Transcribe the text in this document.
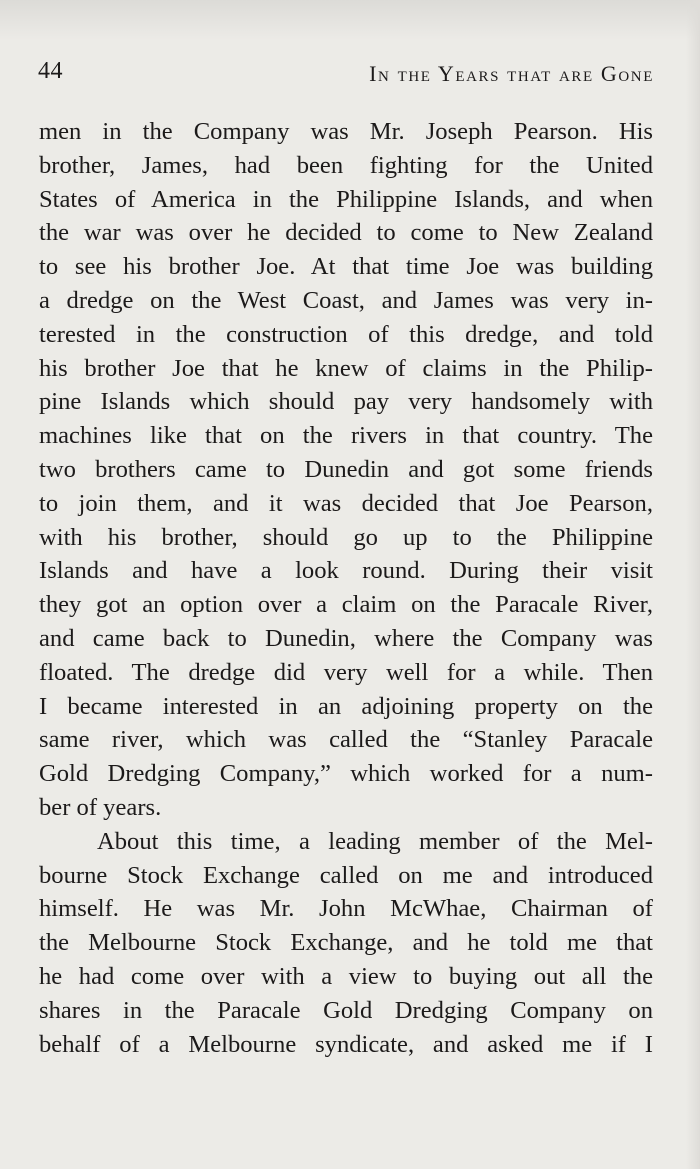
44	In the Years that are Gone
men in the Company was Mr. Joseph Pearson. His
brother, James, had been fighting for the United
States of America in the Philippine Islands, and when
the war was over he decided to come to New Zealand
to see his brother Joe. At that time Joe was building
a dredge on the West Coast, and James was very in-
terested in the construction of this dredge, and told
his brother Joe that he knew of claims in the Philip-
pine Islands which should pay very handsomely with
machines like that on the rivers in that country. The
two brothers came to Dunedin and got some friends
to join them, and it was decided that Joe Pearson,
with his brother, should go up to the Philippine
Islands and have a look round. During their visit
they got an option over a claim on the Paracale River,
and came back to Dunedin, where the Company was
floated. The dredge did very well for a while. Then
I became interested in an adjoining property on the
same river, which was called the “Stanley Paracale
Gold Dredging Company,” which worked for a num-
ber of years.
About this time, a leading member of the Mel-
bourne Stock Exchange called on me and introduced
himself. He was Mr. John McWhae, Chairman of
the Melbourne Stock Exchange, and he told me that
he had come over with a view to buying out all the
shares in the Paracale Gold Dredging Company on
behalf of a Melbourne syndicate, and asked me if I
